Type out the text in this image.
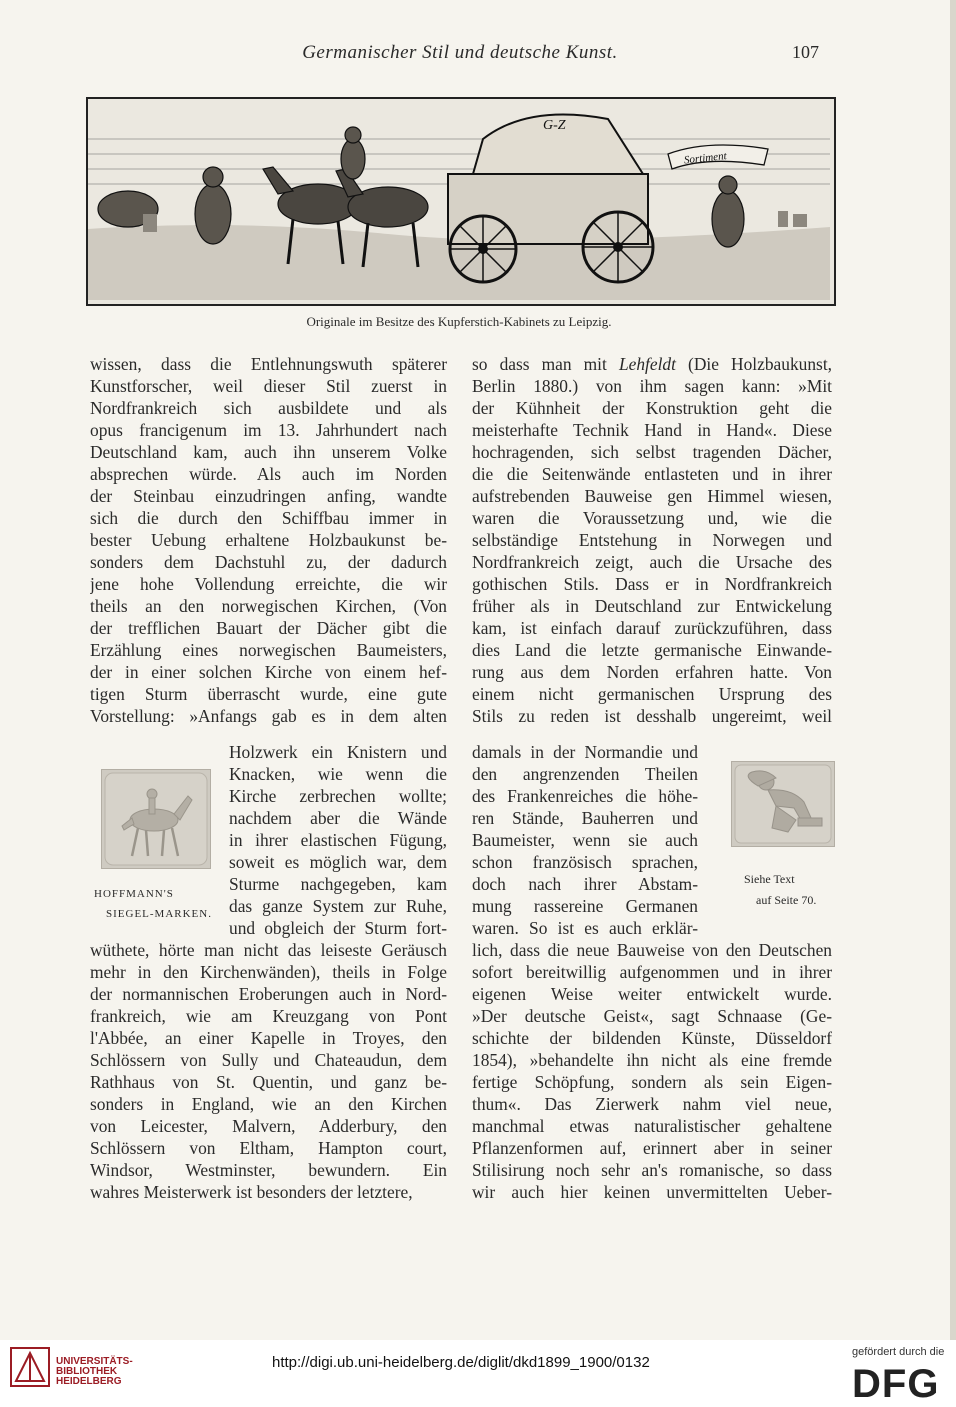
Germanischer Stil und deutsche Kunst.	107
G-Z
Sortiment
Originale im Besitze des Kupferstich-Kabinets zu Leipzig.
wissen, dass die Entlehnungswuth späterer
Kunstforscher, weil dieser Stil zuerst in
Nordfrankreich sich ausbildete und als
opus francigenum im 13. Jahrhundert nach
Deutschland kam, auch ihn unserem Volke
absprechen würde. Als auch im Norden
der Steinbau einzudringen anfing, wandte
sich die durch den Schiffbau immer in
bester Uebung erhaltene Holzbaukunst be-
sonders dem Dachstuhl zu, der dadurch
jene hohe Vollendung erreichte, die wir
theils an den norwegischen Kirchen, (Von
der trefflichen Bauart der Dächer gibt die
Erzählung eines norwegischen Baumeisters,
der in einer solchen Kirche von einem hef-
tigen Sturm überrascht wurde, eine gute
Vorstellung: »Anfangs gab es in dem alten
HOFFMANN'S
SIEGEL-MARKEN.
Holzwerk ein Knistern und
Knacken, wie wenn die
Kirche zerbrechen wollte;
nachdem aber die Wände
in ihrer elastischen Fügung,
soweit es möglich war, dem
Sturme nachgegeben, kam
das ganze System zur Ruhe,
und obgleich der Sturm fort-
wüthete, hörte man nicht das leiseste Geräusch
mehr in den Kirchenwänden), theils in Folge
der normannischen Eroberungen auch in Nord-
frankreich, wie am Kreuzgang von Pont
l'Abbée, an einer Kapelle in Troyes, den
Schlössern von Sully und Chateaudun, dem
Rathhaus von St. Quentin, und ganz be-
sonders in England, wie an den Kirchen
von Leicester, Malvern, Adderbury, den
Schlössern von Eltham, Hampton court,
Windsor, Westminster, bewundern. Ein
wahres Meisterwerk ist besonders der letztere,
so dass man mit Lehfeldt (Die Holzbaukunst,
Berlin 1880.) von ihm sagen kann: »Mit
der Kühnheit der Konstruktion geht die
meisterhafte Technik Hand in Hand«. Diese
hochragenden, sich selbst tragenden Dächer,
die die Seitenwände entlasteten und in ihrer
aufstrebenden Bauweise gen Himmel wiesen,
waren die Voraussetzung und, wie die
selbständige Entstehung in Norwegen und
Nordfrankreich zeigt, auch die Ursache des
gothischen Stils. Dass er in Nordfrankreich
früher als in Deutschland zur Entwickelung
kam, ist einfach darauf zurückzuführen, dass
dies Land die letzte germanische Einwande-
rung aus dem Norden erfahren hatte. Von
einem nicht germanischen Ursprung des
Stils zu reden ist desshalb ungereimt, weil
damals in der Normandie und
den angrenzenden Theilen
des Frankenreiches die höhe-
ren Stände, Bauherren und
Baumeister, wenn sie auch
schon französisch sprachen,
doch nach ihrer Abstam-
mung rassereine Germanen
waren. So ist es auch erklär-
Siehe Text
auf Seite 70.
lich, dass die neue Bauweise von den Deutschen
sofort bereitwillig aufgenommen und in ihrer
eigenen Weise weiter entwickelt wurde.
»Der deutsche Geist«, sagt Schnaase (Ge-
schichte der bildenden Künste, Düsseldorf
1854), »behandelte ihn nicht als eine fremde
fertige Schöpfung, sondern als sein Eigen-
thum«. Das Zierwerk nahm viel neue,
manchmal etwas naturalistischer gehaltene
Pflanzenformen auf, erinnert aber in seiner
Stilisirung noch sehr an's romanische, so dass
wir auch hier keinen unvermittelten Ueber-
UNIVERSITÄTS-
BIBLIOTHEK
HEIDELBERG
http://digi.ub.uni-heidelberg.de/diglit/dkd1899_1900/0132
gefördert durch die
DFG
